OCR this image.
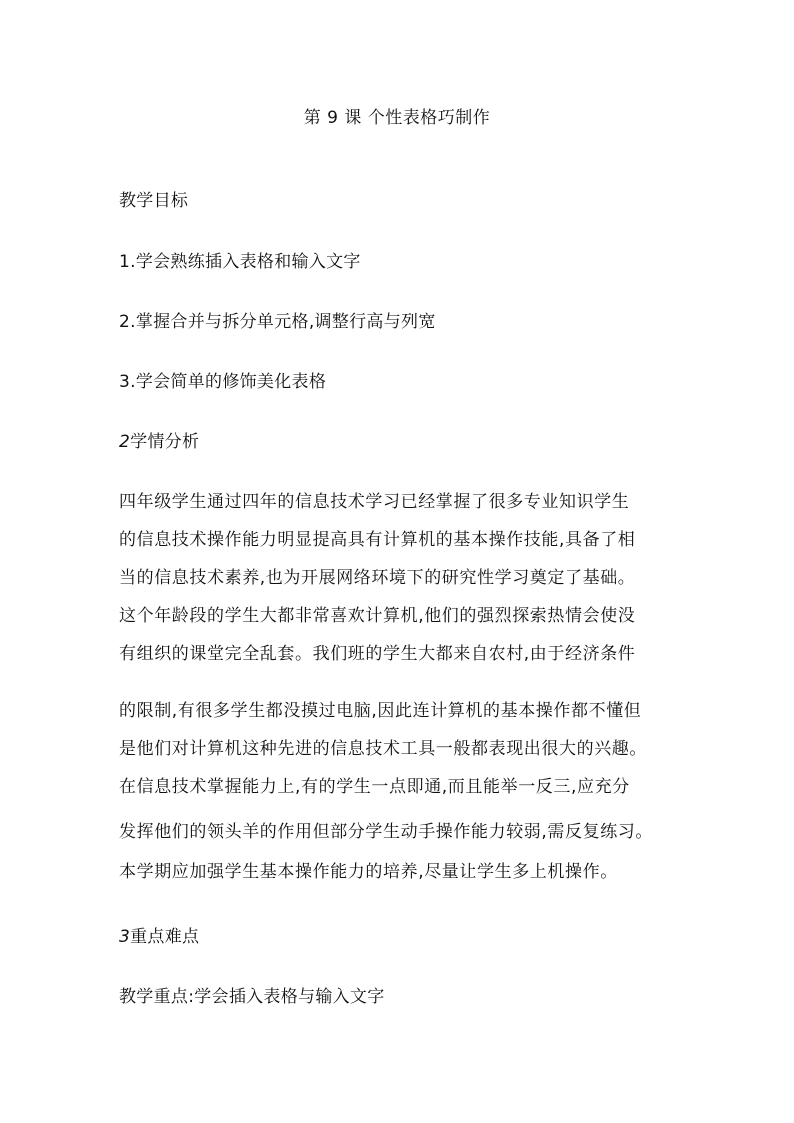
第 9 课 个性表格巧制作
教学目标
1.学会熟练插入表格和输入文字
2.掌握合并与拆分单元格,调整行高与列宽
3.学会简单的修饰美化表格
2学情分析
四年级学生通过四年的信息技术学习已经掌握了很多专业知识学生
的信息技术操作能力明显提高具有计算机的基本操作技能,具备了相
当的信息技术素养,也为开展网络环境下的研究性学习奠定了基础。
这个年龄段的学生大都非常喜欢计算机,他们的强烈探索热情会使没
有组织的课堂完全乱套。我们班的学生大都来自农村,由于经济条件
的限制,有很多学生都没摸过电脑,因此连计算机的基本操作都不懂但
是他们对计算机这种先进的信息技术工具一般都表现出很大的兴趣。
在信息技术掌握能力上,有的学生一点即通,而且能举一反三,应充分
发挥他们的领头羊的作用但部分学生动手操作能力较弱,需反复练习。
本学期应加强学生基本操作能力的培养,尽量让学生多上机操作。
3重点难点
教学重点:学会插入表格与输入文字
